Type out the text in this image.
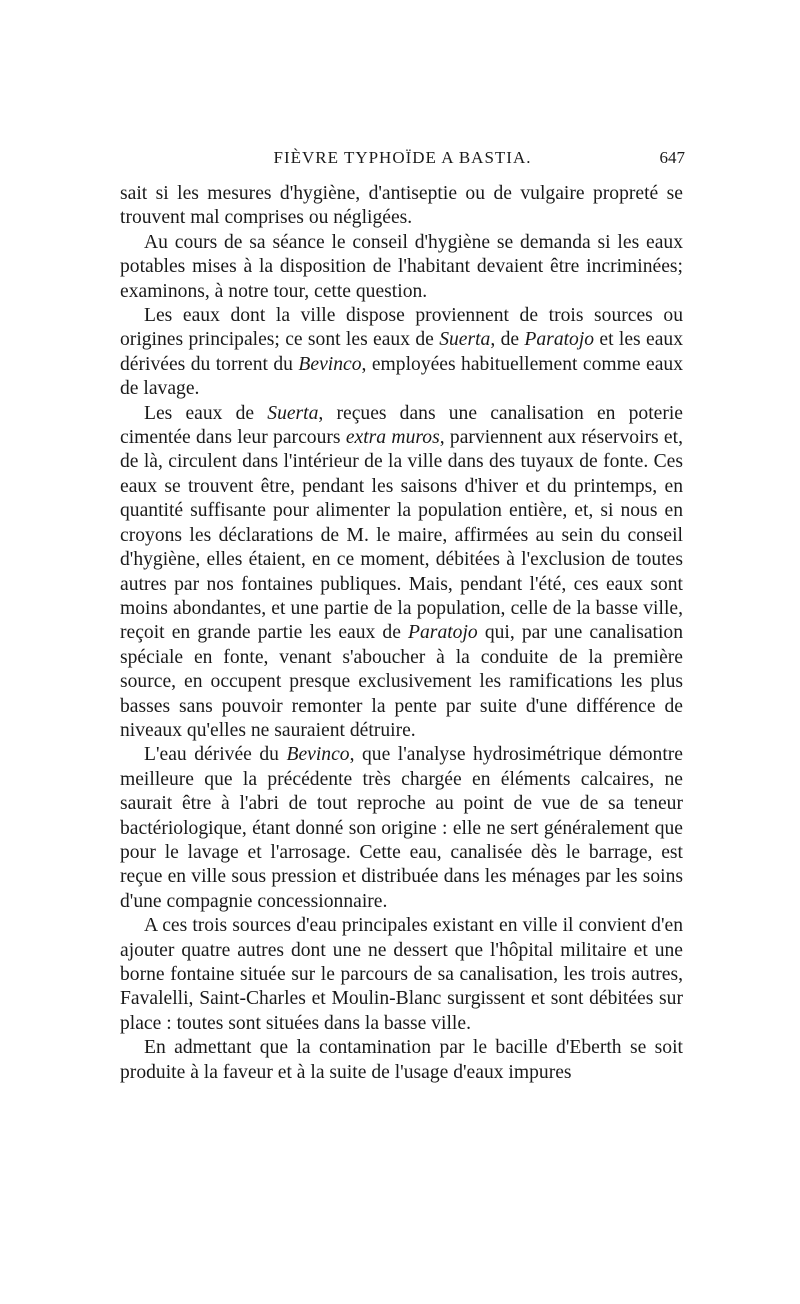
FIÈVRE TYPHOÏDE A BASTIA.	647

sait si les mesures d'hygiène, d'antiseptie ou de vulgaire propreté se trouvent mal comprises ou négligées.

Au cours de sa séance le conseil d'hygiène se demanda si les eaux potables mises à la disposition de l'habitant devaient être incriminées; examinons, à notre tour, cette question.

Les eaux dont la ville dispose proviennent de trois sources ou origines principales; ce sont les eaux de Suerta, de Paratojo et les eaux dérivées du torrent du Bevinco, employées habituellement comme eaux de lavage.

Les eaux de Suerta, reçues dans une canalisation en poterie cimentée dans leur parcours extra muros, parviennent aux réservoirs et, de là, circulent dans l'intérieur de la ville dans des tuyaux de fonte. Ces eaux se trouvent être, pendant les saisons d'hiver et du printemps, en quantité suffisante pour alimenter la population entière, et, si nous en croyons les déclarations de M. le maire, affirmées au sein du conseil d'hygiène, elles étaient, en ce moment, débitées à l'exclusion de toutes autres par nos fontaines publiques. Mais, pendant l'été, ces eaux sont moins abondantes, et une partie de la population, celle de la basse ville, reçoit en grande partie les eaux de Paratojo qui, par une canalisation spéciale en fonte, venant s'aboucher à la conduite de la première source, en occupent presque exclusivement les ramifications les plus basses sans pouvoir remonter la pente par suite d'une différence de niveaux qu'elles ne sauraient détruire.

L'eau dérivée du Bevinco, que l'analyse hydrosimétrique démontre meilleure que la précédente très chargée en éléments calcaires, ne saurait être à l'abri de tout reproche au point de vue de sa teneur bactériologique, étant donné son origine : elle ne sert généralement que pour le lavage et l'arrosage. Cette eau, canalisée dès le barrage, est reçue en ville sous pression et distribuée dans les ménages par les soins d'une compagnie concessionnaire.

A ces trois sources d'eau principales existant en ville il convient d'en ajouter quatre autres dont une ne dessert que l'hôpital militaire et une borne fontaine située sur le parcours de sa canalisation, les trois autres, Favalelli, Saint-Charles et Moulin-Blanc surgissent et sont débitées sur place : toutes sont situées dans la basse ville.

En admettant que la contamination par le bacille d'Eberth se soit produite à la faveur et à la suite de l'usage d'eaux impures
